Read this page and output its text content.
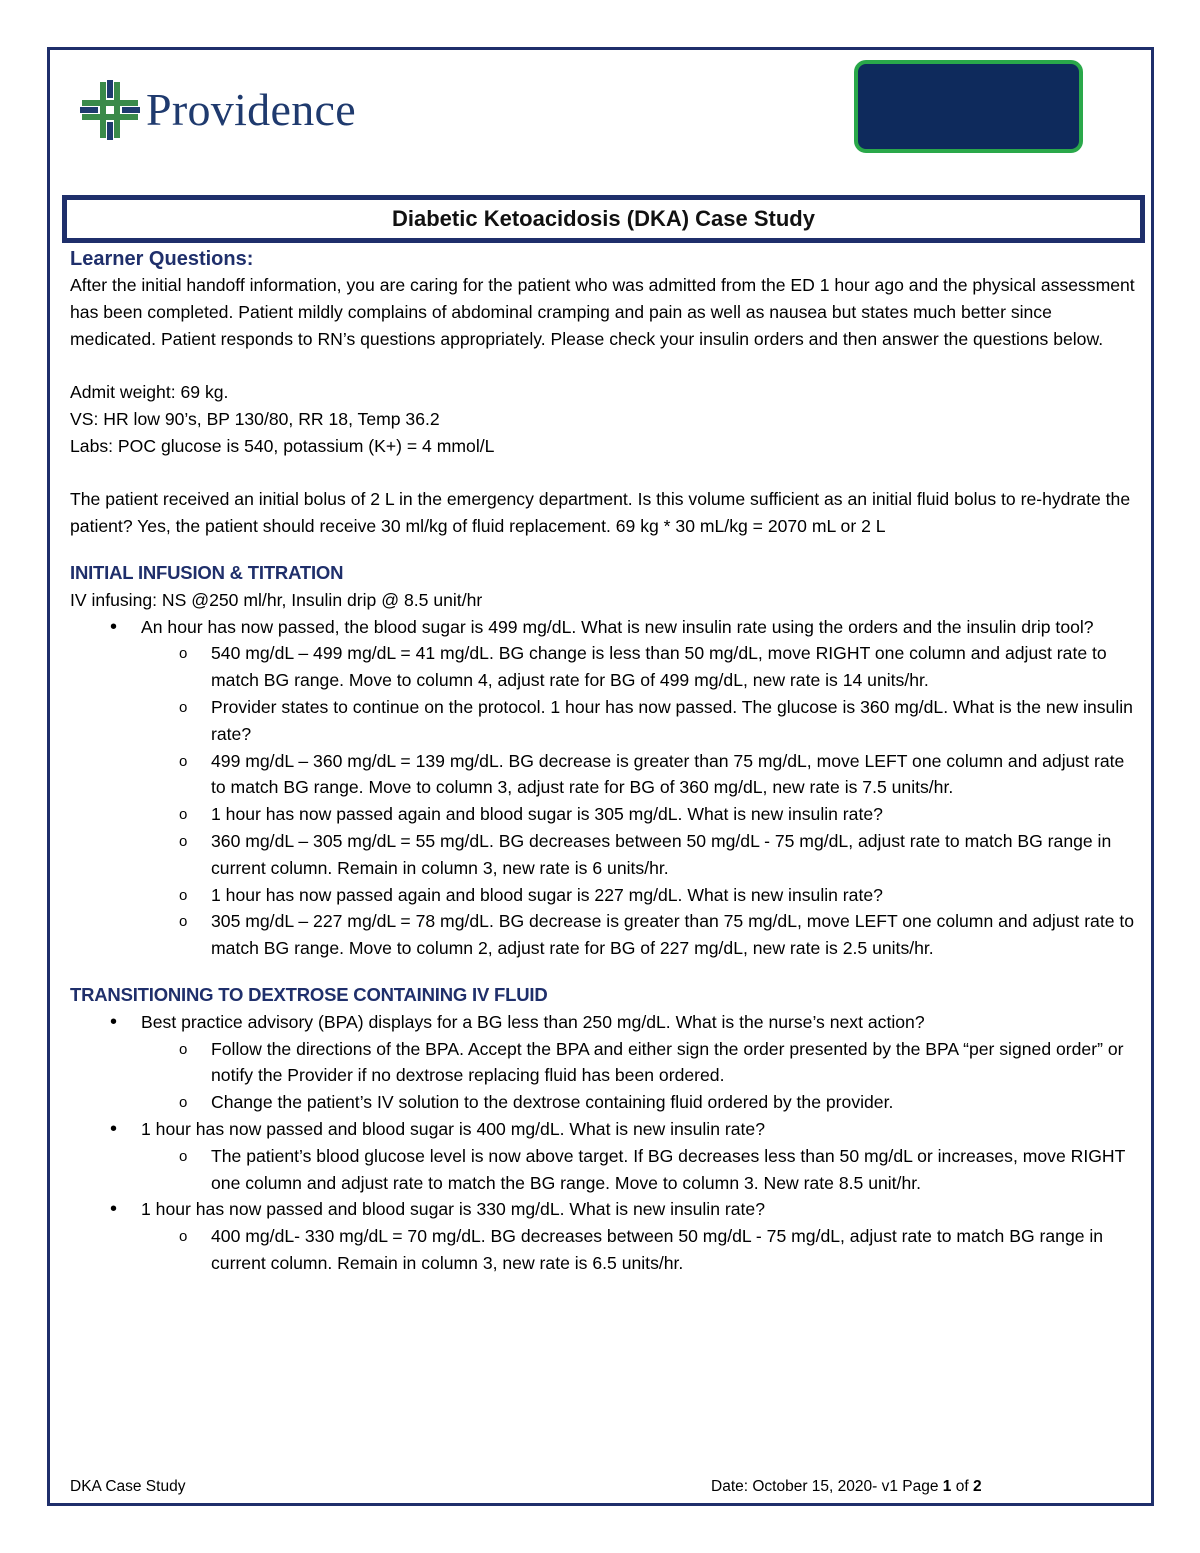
Providence
Diabetic Ketoacidosis (DKA) Case Study

Learner Questions:

After the initial handoff information, you are caring for the patient who was admitted from the ED 1 hour ago and the physical assessment has been completed. Patient mildly complains of abdominal cramping and pain as well as nausea but states much better since medicated. Patient responds to RN’s questions appropriately. Please check your insulin orders and then answer the questions below.

Admit weight: 69 kg.

VS: HR low 90’s, BP 130/80, RR 18, Temp 36.2

Labs: POC glucose is 540, potassium (K+) = 4 mmol/L

The patient received an initial bolus of 2 L in the emergency department. Is this volume sufficient as an initial fluid bolus to re-hydrate the patient? Yes, the patient should receive 30 ml/kg of fluid replacement. 69 kg * 30 mL/kg = 2070 mL or 2 L

INITIAL INFUSION & TITRATION

IV infusing: NS @250 ml/hr, Insulin drip @ 8.5 unit/hr

• An hour has now passed, the blood sugar is 499 mg/dL. What is new insulin rate using the orders and the insulin drip tool?
o 540 mg/dL – 499 mg/dL = 41 mg/dL. BG change is less than 50 mg/dL, move RIGHT one column and adjust rate to match BG range. Move to column 4, adjust rate for BG of 499 mg/dL, new rate is 14 units/hr.
o Provider states to continue on the protocol. 1 hour has now passed. The glucose is 360 mg/dL. What is the new insulin rate?
o 499 mg/dL – 360 mg/dL = 139 mg/dL. BG decrease is greater than 75 mg/dL, move LEFT one column and adjust rate to match BG range. Move to column 3, adjust rate for BG of 360 mg/dL, new rate is 7.5 units/hr.
o 1 hour has now passed again and blood sugar is 305 mg/dL. What is new insulin rate?
o 360 mg/dL – 305 mg/dL = 55 mg/dL. BG decreases between 50 mg/dL - 75 mg/dL, adjust rate to match BG range in current column. Remain in column 3, new rate is 6 units/hr.
o 1 hour has now passed again and blood sugar is 227 mg/dL. What is new insulin rate?
o 305 mg/dL – 227 mg/dL = 78 mg/dL. BG decrease is greater than 75 mg/dL, move LEFT one column and adjust rate to match BG range. Move to column 2, adjust rate for BG of 227 mg/dL, new rate is 2.5 units/hr.

TRANSITIONING TO DEXTROSE CONTAINING IV FLUID

• Best practice advisory (BPA) displays for a BG less than 250 mg/dL. What is the nurse’s next action?
o Follow the directions of the BPA. Accept the BPA and either sign the order presented by the BPA “per signed order” or notify the Provider if no dextrose replacing fluid has been ordered.
o Change the patient’s IV solution to the dextrose containing fluid ordered by the provider.
• 1 hour has now passed and blood sugar is 400 mg/dL. What is new insulin rate?
o The patient’s blood glucose level is now above target. If BG decreases less than 50 mg/dL or increases, move RIGHT one column and adjust rate to match the BG range. Move to column 3. New rate 8.5 unit/hr.
• 1 hour has now passed and blood sugar is 330 mg/dL. What is new insulin rate?
o 400 mg/dL- 330 mg/dL = 70 mg/dL. BG decreases between 50 mg/dL - 75 mg/dL, adjust rate to match BG range in current column. Remain in column 3, new rate is 6.5 units/hr.
DKA Case Study	Date: October 15, 2020- v1 Page 1 of 2
